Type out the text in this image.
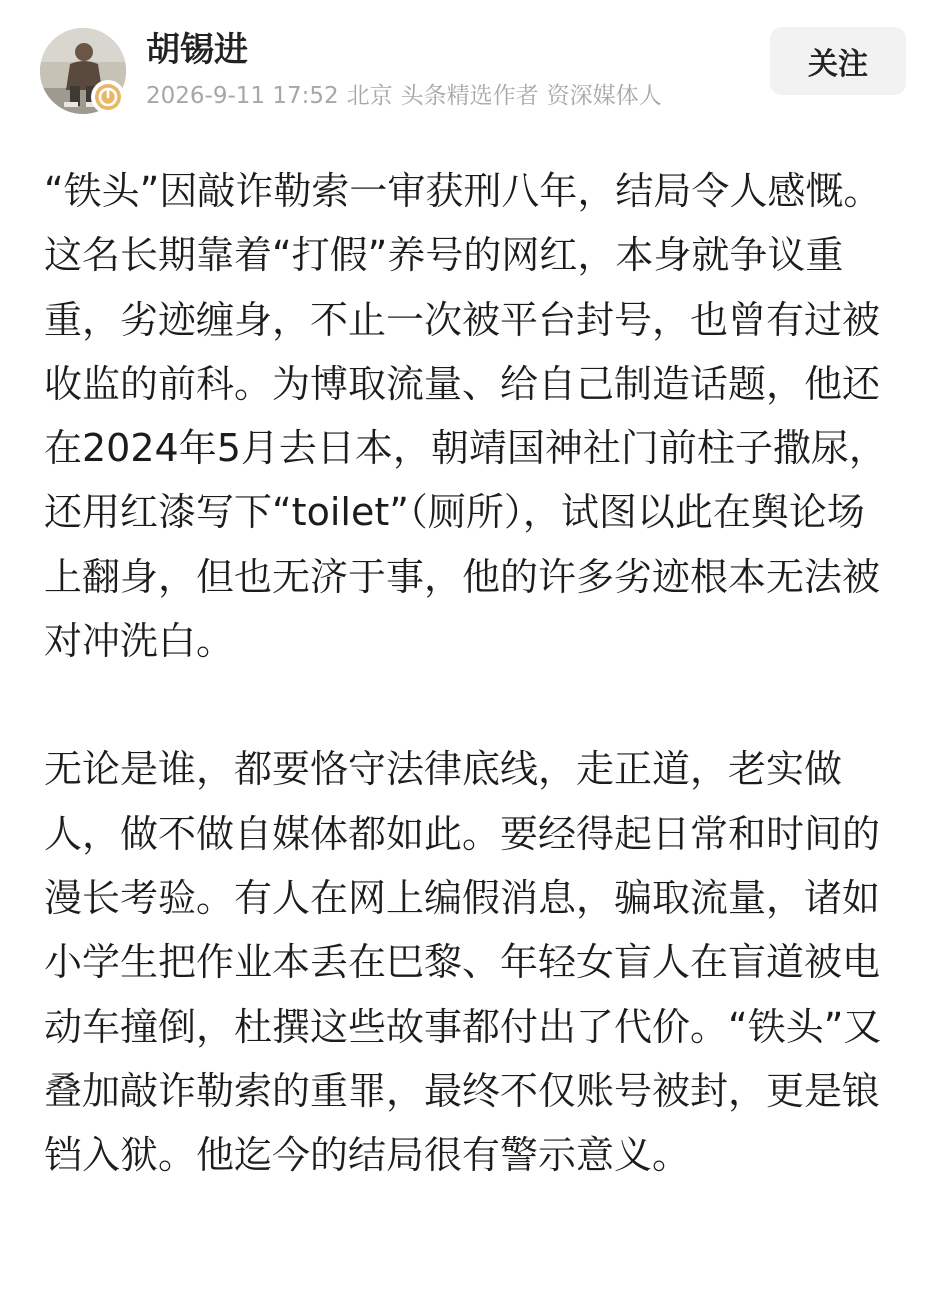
胡锡进
2026-9-11 17:52 北京 头条精选作者 资深媒体人
关注

“铁头”因敲诈勒索一审获刑八年，结局令人感慨。这名长期靠着“打假”养号的网红，本身就争议重重，劣迹缠身，不止一次被平台封号，也曾有过被收监的前科。为博取流量、给自己制造话题，他还在2024年5月去日本，朝靖国神社门前柱子撒尿，还用红漆写下“toilet”（厕所），试图以此在舆论场上翻身，但也无济于事，他的许多劣迹根本无法被对冲洗白。

无论是谁，都要恪守法律底线，走正道，老实做人，做不做自媒体都如此。要经得起日常和时间的漫长考验。有人在网上编假消息，骗取流量，诸如小学生把作业本丢在巴黎、年轻女盲人在盲道被电动车撞倒，杜撰这些故事都付出了代价。“铁头”又叠加敲诈勒索的重罪，最终不仅账号被封，更是锒铛入狱。他迄今的结局很有警示意义。
